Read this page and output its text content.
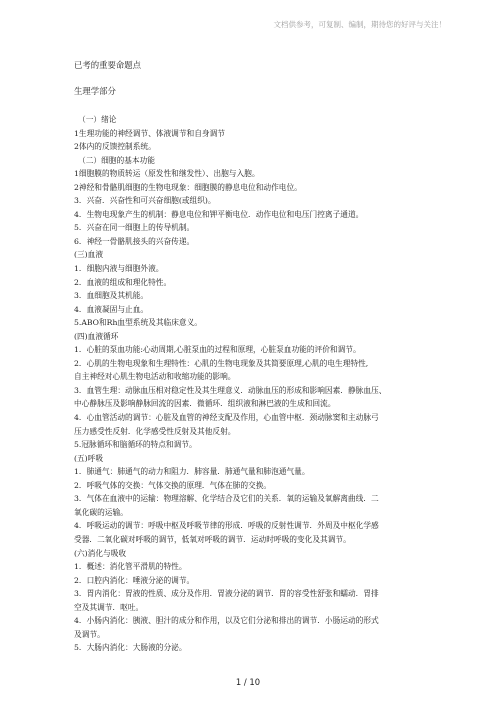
文档供参考，可复制、编制，期待您的好评与关注！
已考的重要命题点
生理学部分
（一）绪论
1生理功能的神经调节、体液调节和自身调节
2体内的反馈控制系统。
（二）细胞的基本功能
1细胞膜的物质转运（原发性和继发性）、出胞与入胞。
2神经和骨骼肌细胞的生物电现象：细胞膜的静息电位和动作电位。
3．兴奋．兴奋性和可兴奋细胞(或组织)。
4．生物电现象产生的机制：静息电位和钾平衡电位．动作电位和电压门控离子通道。
5．兴奋在同一细胞上的传导机制。
6．神经一骨骼肌接头的兴奋传递。
(三)血液
1．细胞内液与细胞外液。
2．血液的组成和理化特性。
3．血细胞及其机能。
4．血液凝固与止血。
5.ABO和Rh血型系统及其临床意义。
(四)血液循环
1．心脏的泵血功能:心动周期,心脏泵血的过程和原理，心脏泵血功能的评价和调节。
2．心肌的生物电现象和生理特性：心肌的生物电现象及其简要原理,心肌的电生理特性,
自主神经对心肌生物电活动和收缩功能的影响。
3．血管生理：动脉血压相对稳定性及其生理意义．动脉血压的形成和影响因素．静脉血压、
中心静脉压及影响静脉回流的因素．微循环．组织液和淋巴液的生成和回流。
4．心血管活动的调节：心脏及血管的神经支配及作用，心血管中枢．颈动脉窦和主动脉弓
压力感受性反射．化学感受性反射及其他反射。
5.冠脉循环和脑循环的特点和调节。
(五)呼吸
1．肺通气：肺通气的动力和阻力．肺容量．肺通气量和肺泡通气量。
2．呼吸气体的交换：气体交换的原理．气体在肺的交换。
3．气体在血液中的运输：物理溶解、化学结合及它们的关系．氧的运输及氧解离曲线．二
氧化碳的运输。
4．呼吸运动的调节：呼吸中枢及呼吸节律的形成．呼吸的反射性调节．外周及中枢化学感
受器．二氧化碳对呼吸的调节，低氧对呼吸的调节．运动时呼吸的变化及其调节。
(六)消化与吸收
1．概述：消化管平滑肌的特性。
2．口腔内消化：唾液分泌的调节。
3．胃内消化：胃液的性质、成分及作用．胃液分泌的调节．胃的容受性舒张和蠕动．胃排
空及其调节．呕吐。
4．小肠内消化：胰液、胆汁的成分和作用，以及它们分泌和排出的调节．小肠运动的形式
及调节。
5．大肠内消化：大肠液的分泌。
1 / 10
